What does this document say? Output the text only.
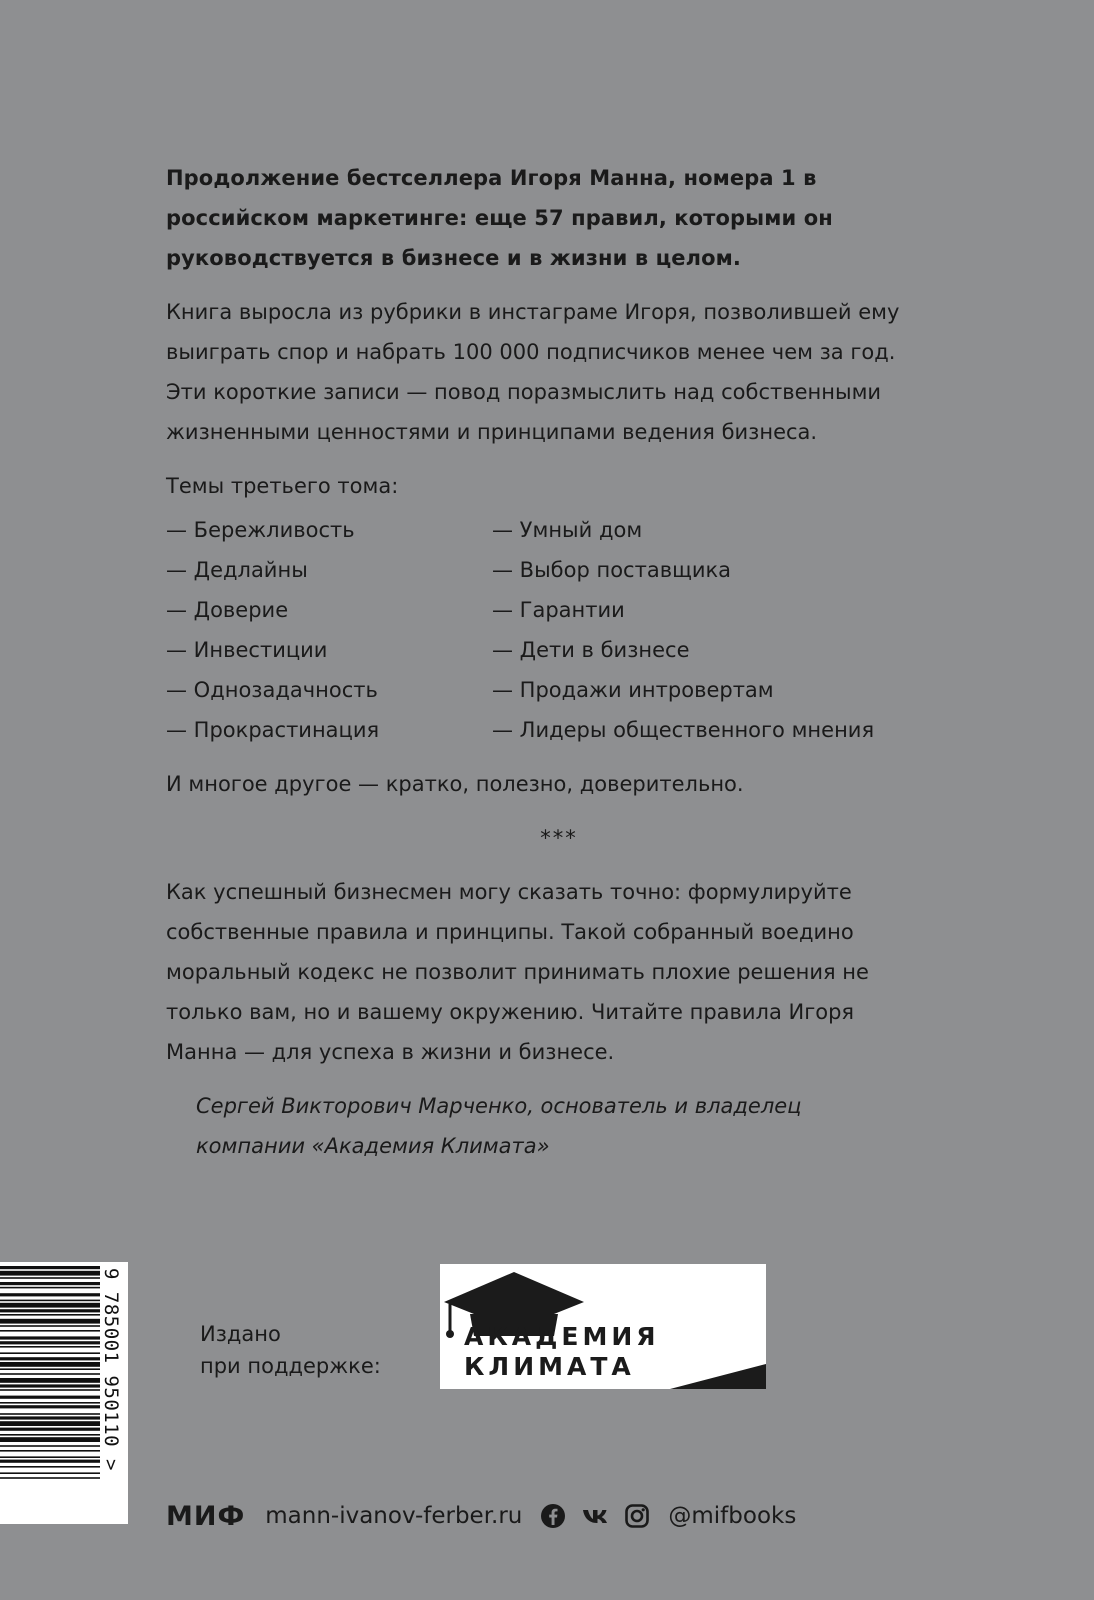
Продолжение бестселлера Игоря Манна, номера 1 в российском маркетинге: еще 57 правил, которыми он руководствуется в бизнесе и в жизни в целом.

Книга выросла из рубрики в инстаграме Игоря, позволившей ему выиграть спор и набрать 100 000 подписчиков менее чем за год. Эти короткие записи — повод поразмыслить над собственными жизненными ценностями и принципами ведения бизнеса.

Темы третьего тома:

— Бережливость	— Умный дом
— Дедлайны	— Выбор поставщика
— Доверие	— Гарантии
— Инвестиции	— Дети в бизнесе
— Однозадачность	— Продажи интровертам
— Прокрастинация	— Лидеры общественного мнения

И многое другое — кратко, полезно, доверительно.

***

Как успешный бизнесмен могу сказать точно: формулируйте собственные правила и принципы. Такой собранный воедино моральный кодекс не позволит принимать плохие решения не только вам, но и вашему окружению. Читайте правила Игоря Манна — для успеха в жизни и бизнесе.

Сергей Викторович Марченко, основатель и владелец
компании «Академия Климата»

9 785001 950110 >	Издано
при поддержке:
АКАДЕМИЯ
КЛИМАТА
МИФ mann-ivanov-ferber.ru	@mifbooks
